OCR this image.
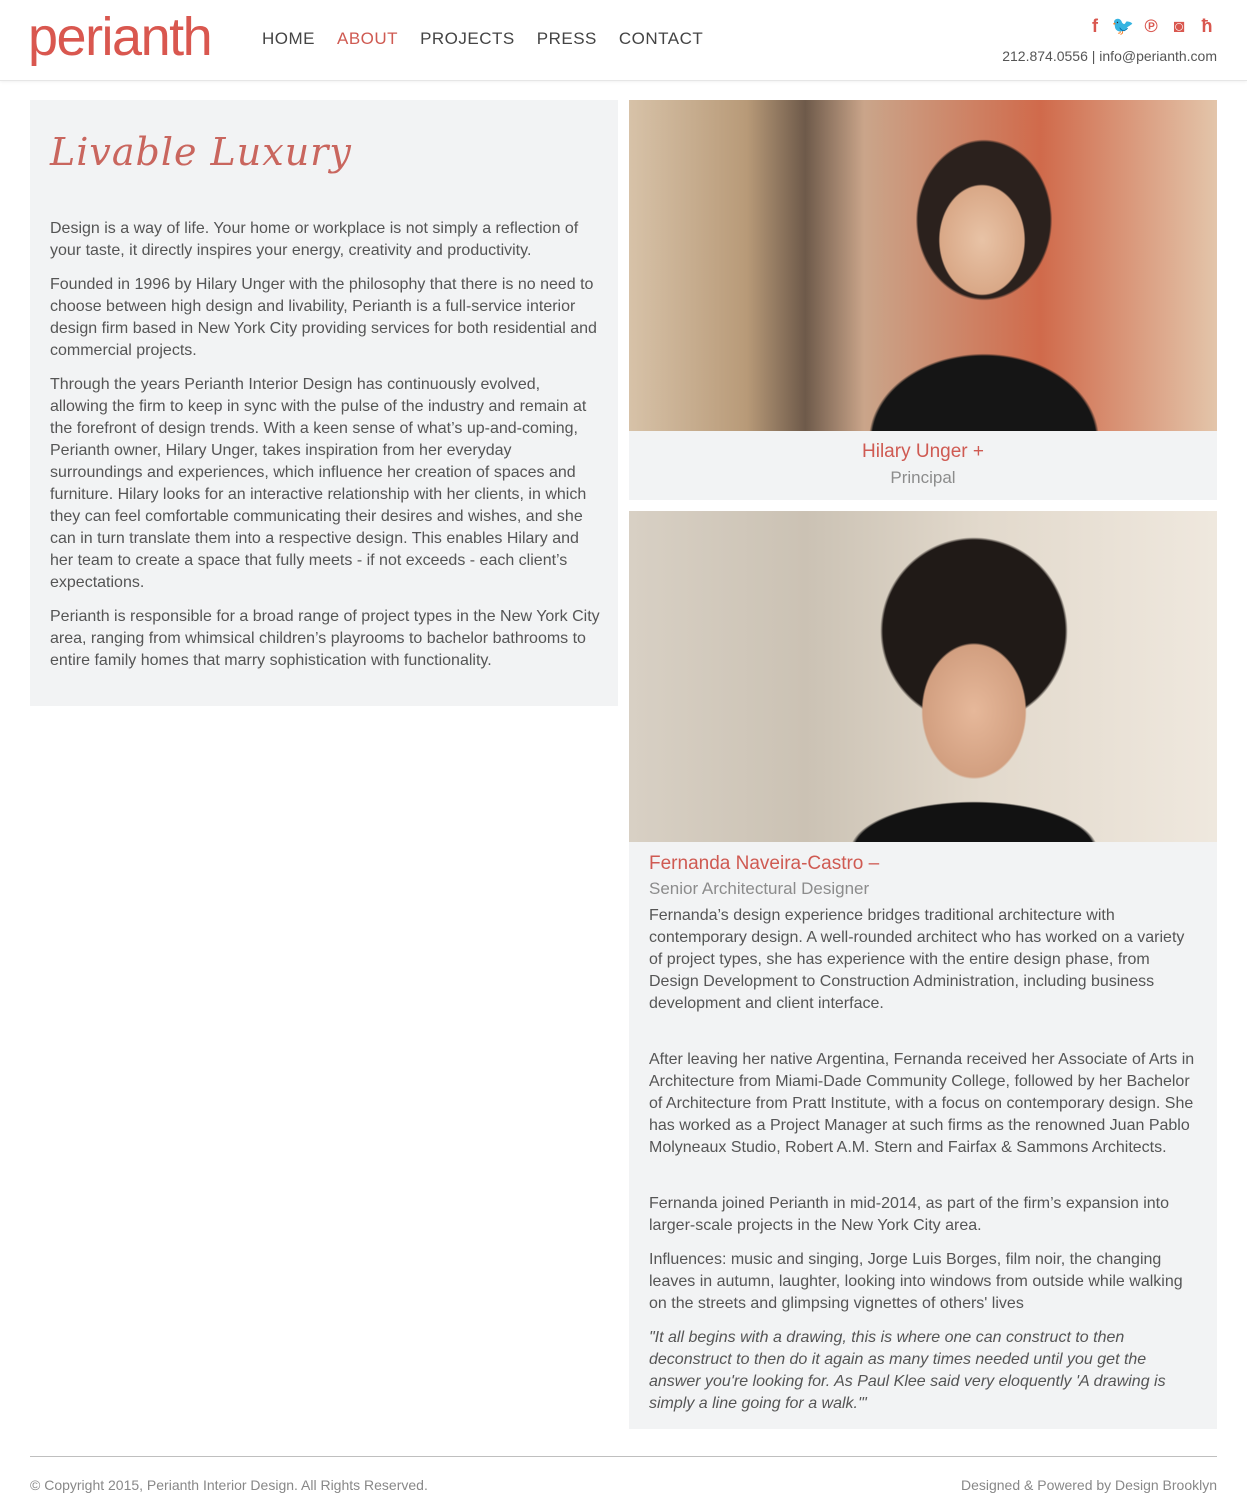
perianth	HOME ABOUT PROJECTS PRESS CONTACT
f 🐦 ℗ ◙ ħ
212.874.0556 | info@perianth.com
Livable Luxury

Design is a way of life. Your home or workplace is not simply a reflection of your taste, it directly inspires your energy, creativity and productivity.

Founded in 1996 by Hilary Unger with the philosophy that there is no need to choose between high design and livability, Perianth is a full-service interior design firm based in New York City providing services for both residential and commercial projects.

Through the years Perianth Interior Design has continuously evolved, allowing the firm to keep in sync with the pulse of the industry and remain at the forefront of design trends. With a keen sense of what’s up-and-coming, Perianth owner, Hilary Unger, takes inspiration from her everyday surroundings and experiences, which influence her creation of spaces and furniture. Hilary looks for an interactive relationship with her clients, in which they can feel comfortable communicating their desires and wishes, and she can in turn translate them into a respective design. This enables Hilary and her team to create a space that fully meets - if not exceeds - each client’s expectations.

Perianth is responsible for a broad range of project types in the New York City area, ranging from whimsical children’s playrooms to bachelor bathrooms to entire family homes that marry sophistication with functionality.

Hilary Unger +
Principal
Fernanda Naveira-Castro –
Senior Architectural Designer

Fernanda’s design experience bridges traditional architecture with contemporary design. A well-rounded architect who has worked on a variety of project types, she has experience with the entire design phase, from Design Development to Construction Administration, including business development and client interface.

After leaving her native Argentina, Fernanda received her Associate of Arts in Architecture from Miami-Dade Community College, followed by her Bachelor of Architecture from Pratt Institute, with a focus on contemporary design. She has worked as a Project Manager at such firms as the renowned Juan Pablo Molyneaux Studio, Robert A.M. Stern and Fairfax & Sammons Architects.

Fernanda joined Perianth in mid-2014, as part of the firm’s expansion into larger-scale projects in the New York City area.

Influences: music and singing, Jorge Luis Borges, film noir, the changing leaves in autumn, laughter, looking into windows from outside while walking on the streets and glimpsing vignettes of others' lives

"It all begins with a drawing, this is where one can construct to then deconstruct to then do it again as many times needed until you get the answer you're looking for. As Paul Klee said very eloquently 'A drawing is simply a line going for a walk.'"

© Copyright 2015, Perianth Interior Design. All Rights Reserved.	Designed & Powered by Design Brooklyn
